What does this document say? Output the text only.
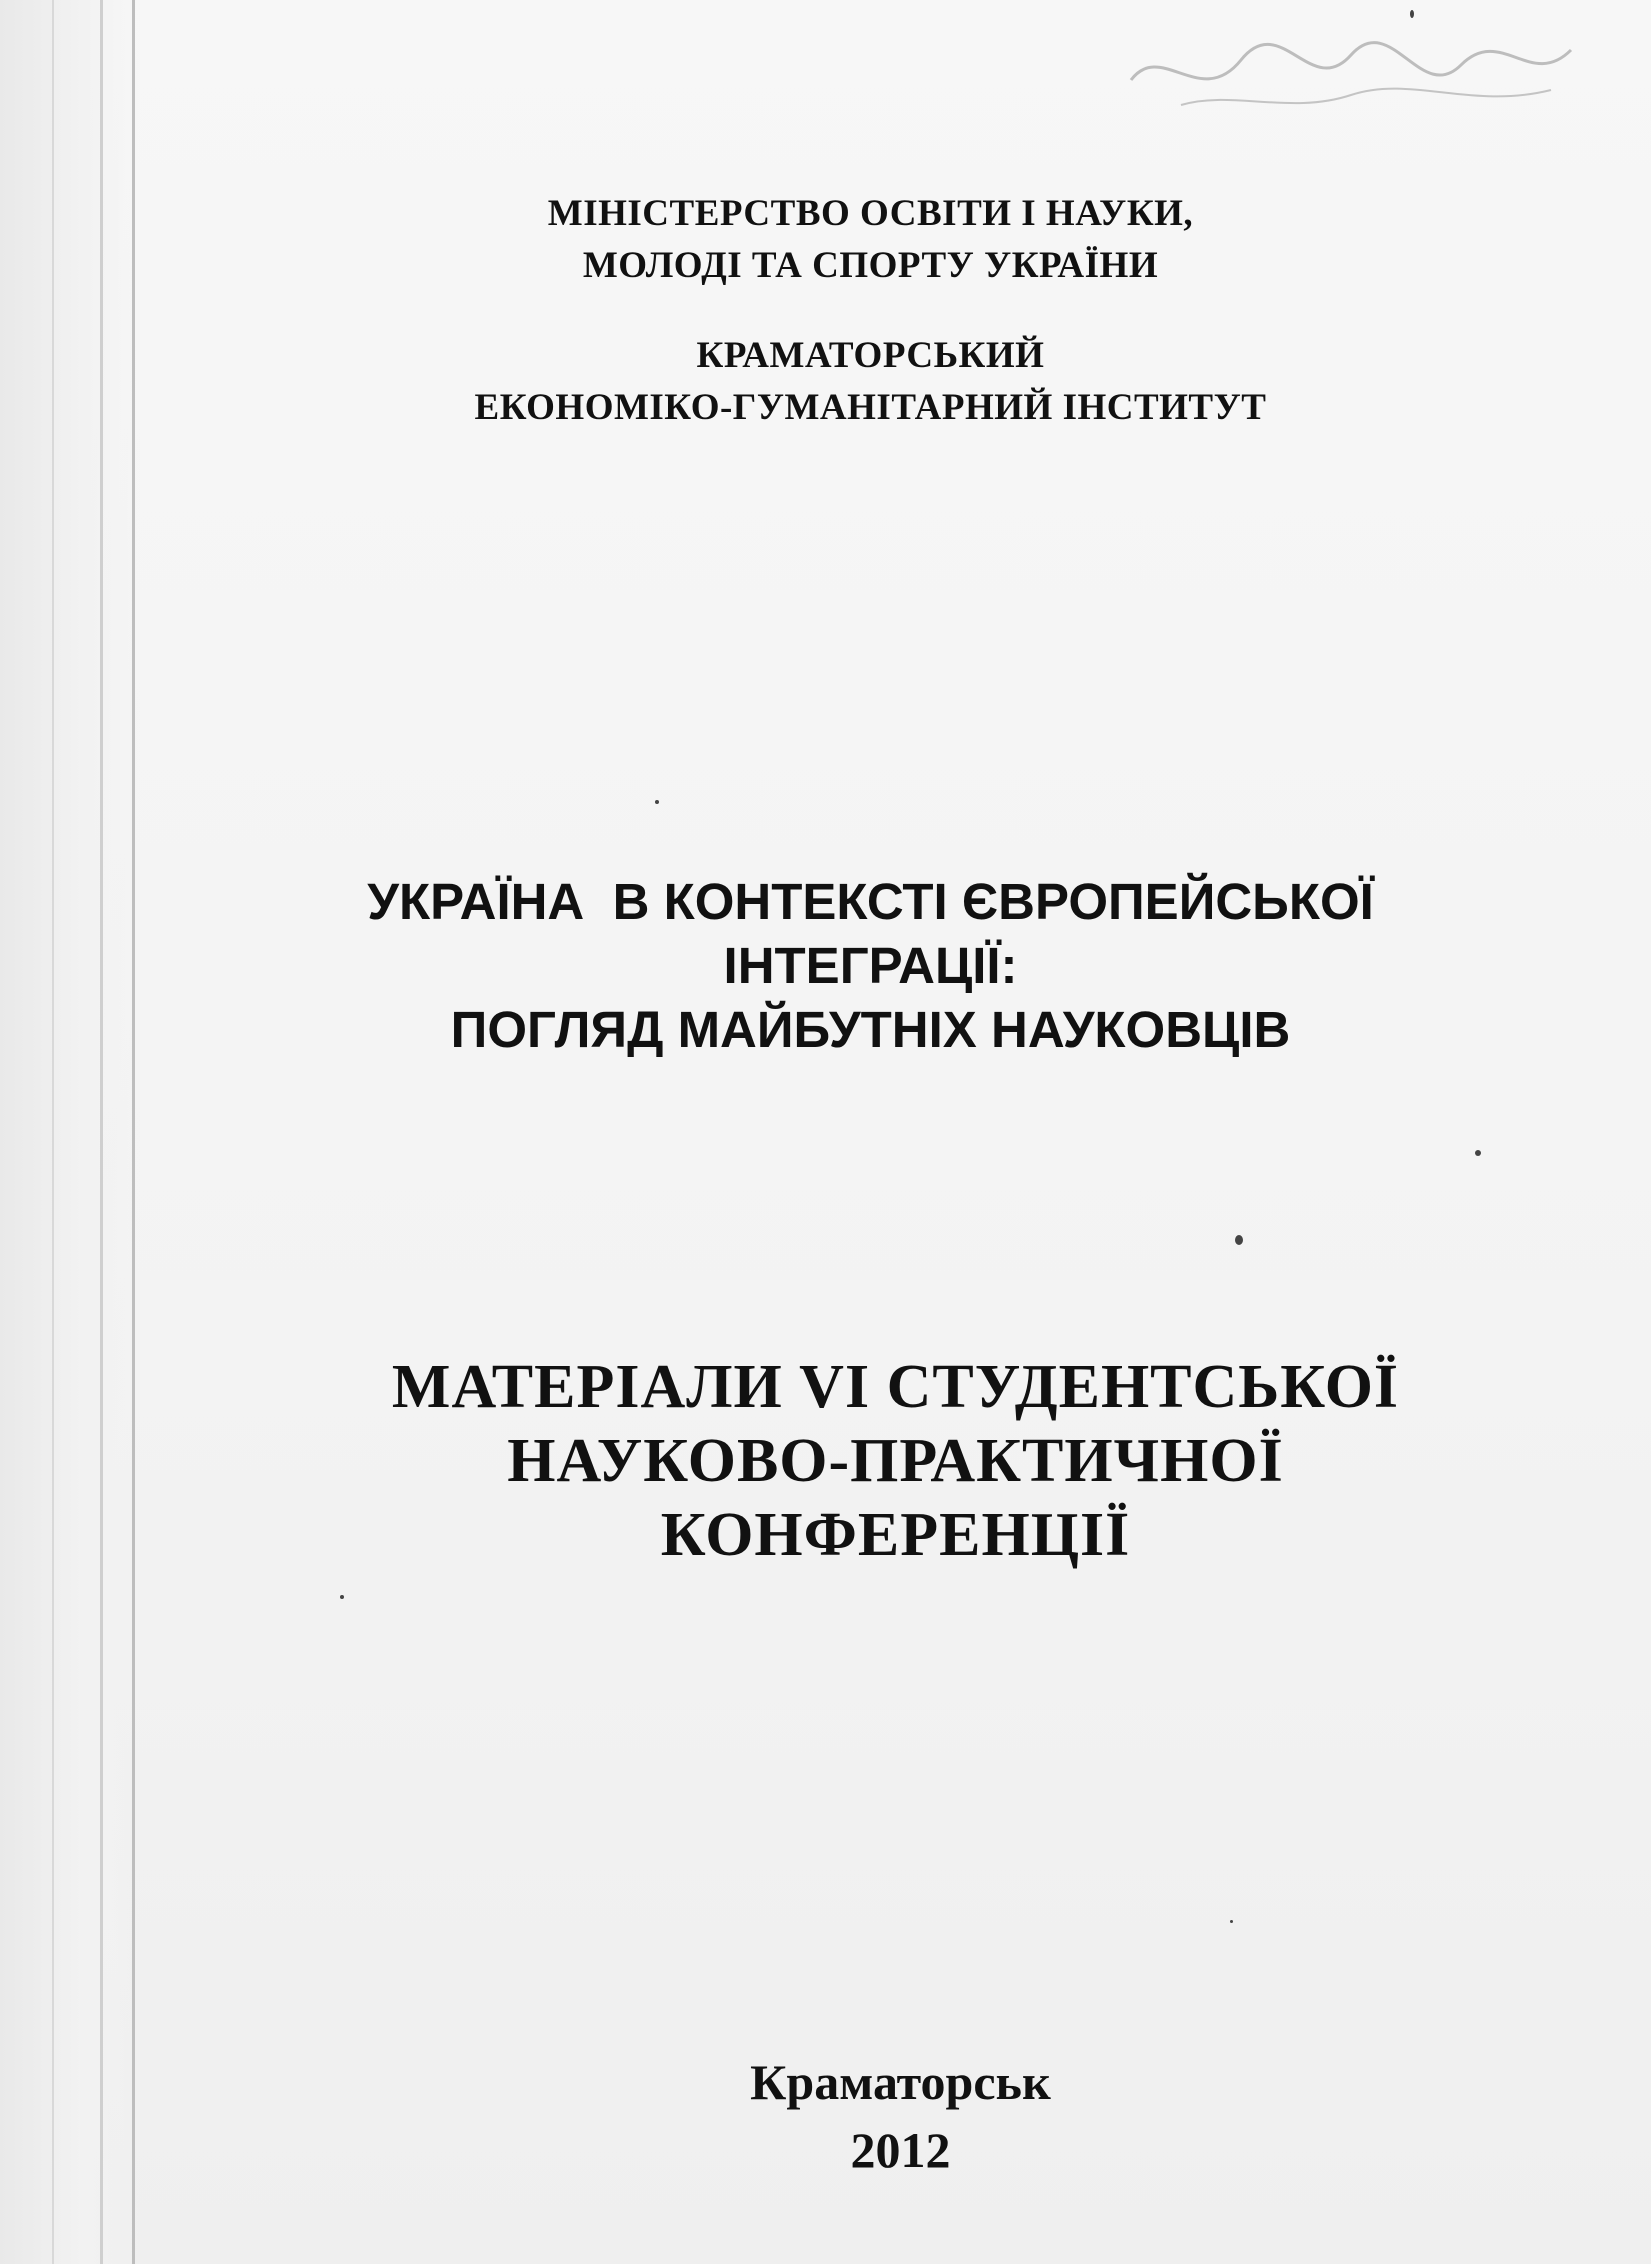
МІНІСТЕРСТВО ОСВІТИ І НАУКИ,
МОЛОДІ ТА СПОРТУ УКРАЇНИ
КРАМАТОРСЬКИЙ
ЕКОНОМІКО-ГУМАНІТАРНИЙ ІНСТИТУТ
УКРАЇНА  В КОНТЕКСТІ ЄВРОПЕЙСЬКОЇ
ІНТЕГРАЦІЇ:
ПОГЛЯД МАЙБУТНІХ НАУКОВЦІВ
МАТЕРІАЛИ VI СТУДЕНТСЬКОЇ
НАУКОВО-ПРАКТИЧНОЇ
КОНФЕРЕНЦІЇ
Краматорськ
2012
